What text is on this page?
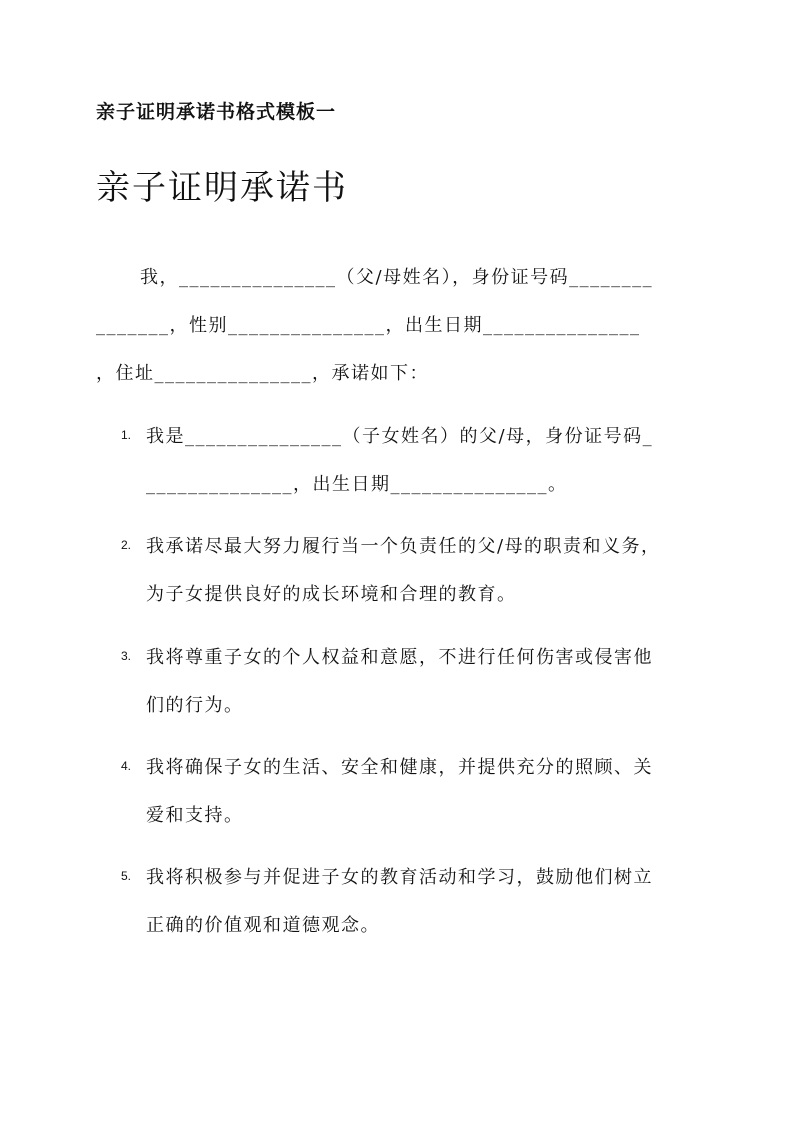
亲子证明承诺书格式模板一
亲子证明承诺书
我，_______________（父/母姓名），身份证号码________
_______，性别_______________，出生日期_______________
，住址_______________，承诺如下：
1. 我是_______________（子女姓名）的父/母，身份证号码_
______________，出生日期_______________。
2. 我承诺尽最大努力履行当一个负责任的父/母的职责和义务，
为子女提供良好的成长环境和合理的教育。
3. 我将尊重子女的个人权益和意愿，不进行任何伤害或侵害他
们的行为。
4. 我将确保子女的生活、安全和健康，并提供充分的照顾、关
爱和支持。
5. 我将积极参与并促进子女的教育活动和学习，鼓励他们树立
正确的价值观和道德观念。
